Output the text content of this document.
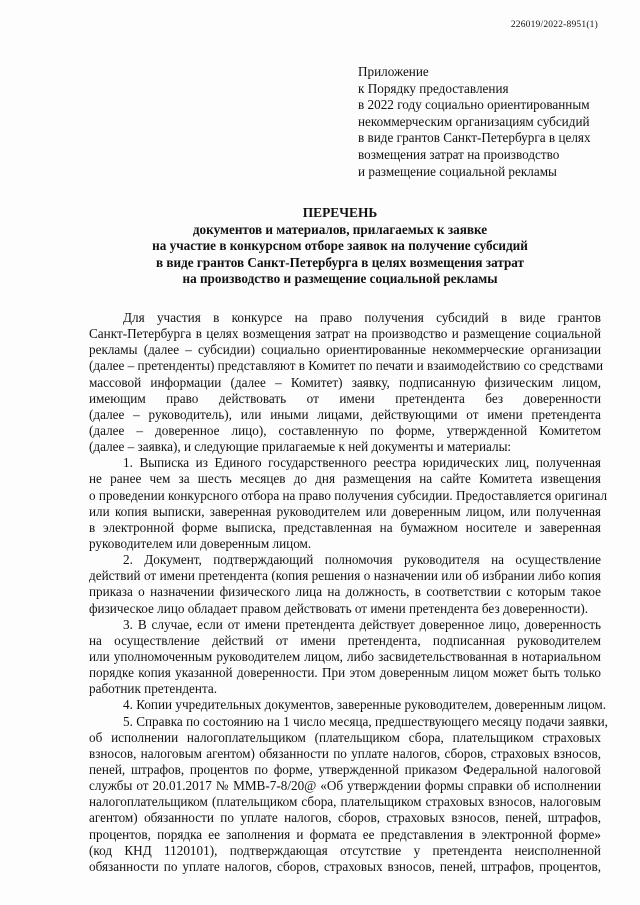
226019/2022-8951(1)
Приложение
к Порядку предоставления
в 2022 году социально ориентированным
некоммерческим организациям субсидий
в виде грантов Санкт-Петербурга в целях
возмещения затрат на производство
и размещение социальной рекламы
ПЕРЕЧЕНЬ
документов и материалов, прилагаемых к заявке
на участие в конкурсном отборе заявок на получение субсидий
в виде грантов Санкт-Петербурга в целях возмещения затрат
на производство и размещение социальной рекламы
Для участия в конкурсе на право получения субсидий в виде грантов
Санкт-Петербурга в целях возмещения затрат на производство и размещение социальной
рекламы (далее – субсидии) социально ориентированные некоммерческие организации
(далее – претенденты) представляют в Комитет по печати и взаимодействию со средствами
массовой информации (далее – Комитет) заявку, подписанную физическим лицом,
имеющим право действовать от имени претендента без доверенности
(далее – руководитель), или иными лицами, действующими от имени претендента
(далее – доверенное лицо), составленную по форме, утвержденной Комитетом
(далее – заявка), и следующие прилагаемые к ней документы и материалы:
1. Выписка из Единого государственного реестра юридических лиц, полученная
не ранее чем за шесть месяцев до дня размещения на сайте Комитета извещения
о проведении конкурсного отбора на право получения субсидии. Предоставляется оригинал
или копия выписки, заверенная руководителем или доверенным лицом, или полученная
в электронной форме выписка, представленная на бумажном носителе и заверенная
руководителем или доверенным лицом.
2. Документ, подтверждающий полномочия руководителя на осуществление
действий от имени претендента (копия решения о назначении или об избрании либо копия
приказа о назначении физического лица на должность, в соответствии с которым такое
физическое лицо обладает правом действовать от имени претендента без доверенности).
3. В случае, если от имени претендента действует доверенное лицо, доверенность
на осуществление действий от имени претендента, подписанная руководителем
или уполномоченным руководителем лицом, либо засвидетельствованная в нотариальном
порядке копия указанной доверенности. При этом доверенным лицом может быть только
работник претендента.
4. Копии учредительных документов, заверенные руководителем, доверенным лицом.
5. Справка по состоянию на 1 число месяца, предшествующего месяцу подачи заявки,
об исполнении налогоплательщиком (плательщиком сбора, плательщиком страховых
взносов, налоговым агентом) обязанности по уплате налогов, сборов, страховых взносов,
пеней, штрафов, процентов по форме, утвержденной приказом Федеральной налоговой
службы от 20.01.2017 № ММВ-7-8/20@ «Об утверждении формы справки об исполнении
налогоплательщиком (плательщиком сбора, плательщиком страховых взносов, налоговым
агентом) обязанности по уплате налогов, сборов, страховых взносов, пеней, штрафов,
процентов, порядка ее заполнения и формата ее представления в электронной форме»
(код КНД 1120101), подтверждающая отсутствие у претендента неисполненной
обязанности по уплате налогов, сборов, страховых взносов, пеней, штрафов, процентов,
